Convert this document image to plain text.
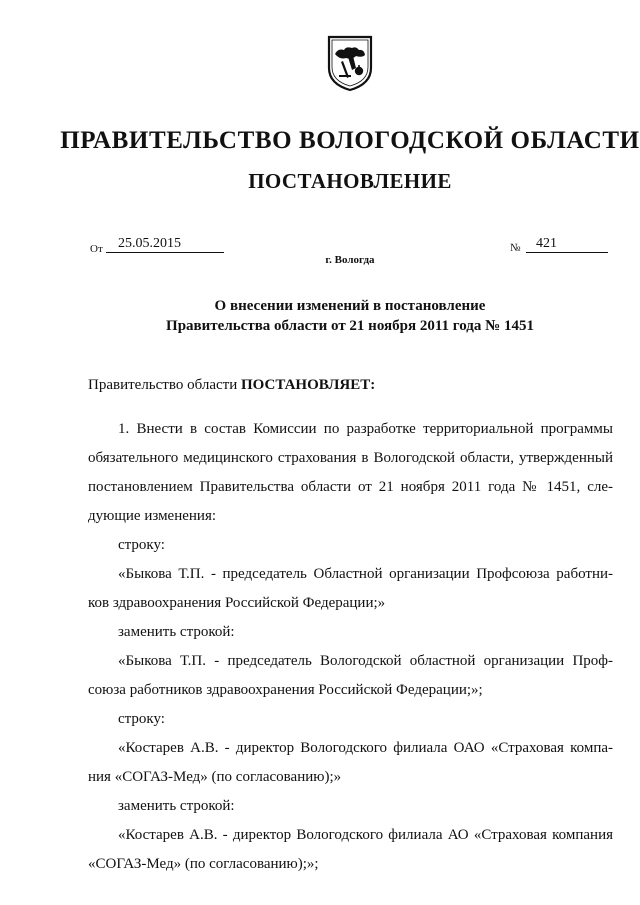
ПРАВИТЕЛЬСТВО ВОЛОГОДСКОЙ ОБЛАСТИ
ПОСТАНОВЛЕНИЕ
От	25.05.2015	№	421
г. Вологда
О внесении изменений в постановление
Правительства области от 21 ноября 2011 года № 1451
Правительство области ПОСТАНОВЛЯЕТ:
1. Внести в состав Комиссии по разработке территориальной программы
обязательного медицинского страхования в Вологодской области, утвержденный
постановлением Правительства области от 21 ноября 2011 года № 1451, сле-
дующие изменения:
строку:
«Быкова Т.П. - председатель Областной организации Профсоюза работни-
ков здравоохранения Российской Федерации;»
заменить строкой:
«Быкова Т.П. - председатель Вологодской областной организации Проф-
союза работников здравоохранения Российской Федерации;»;
строку:
«Костарев А.В. - директор Вологодского филиала ОАО «Страховая компа-
ния «СОГАЗ-Мед» (по согласованию);»
заменить строкой:
«Костарев А.В. - директор Вологодского филиала АО «Страховая компания
«СОГАЗ-Мед» (по согласованию);»;
